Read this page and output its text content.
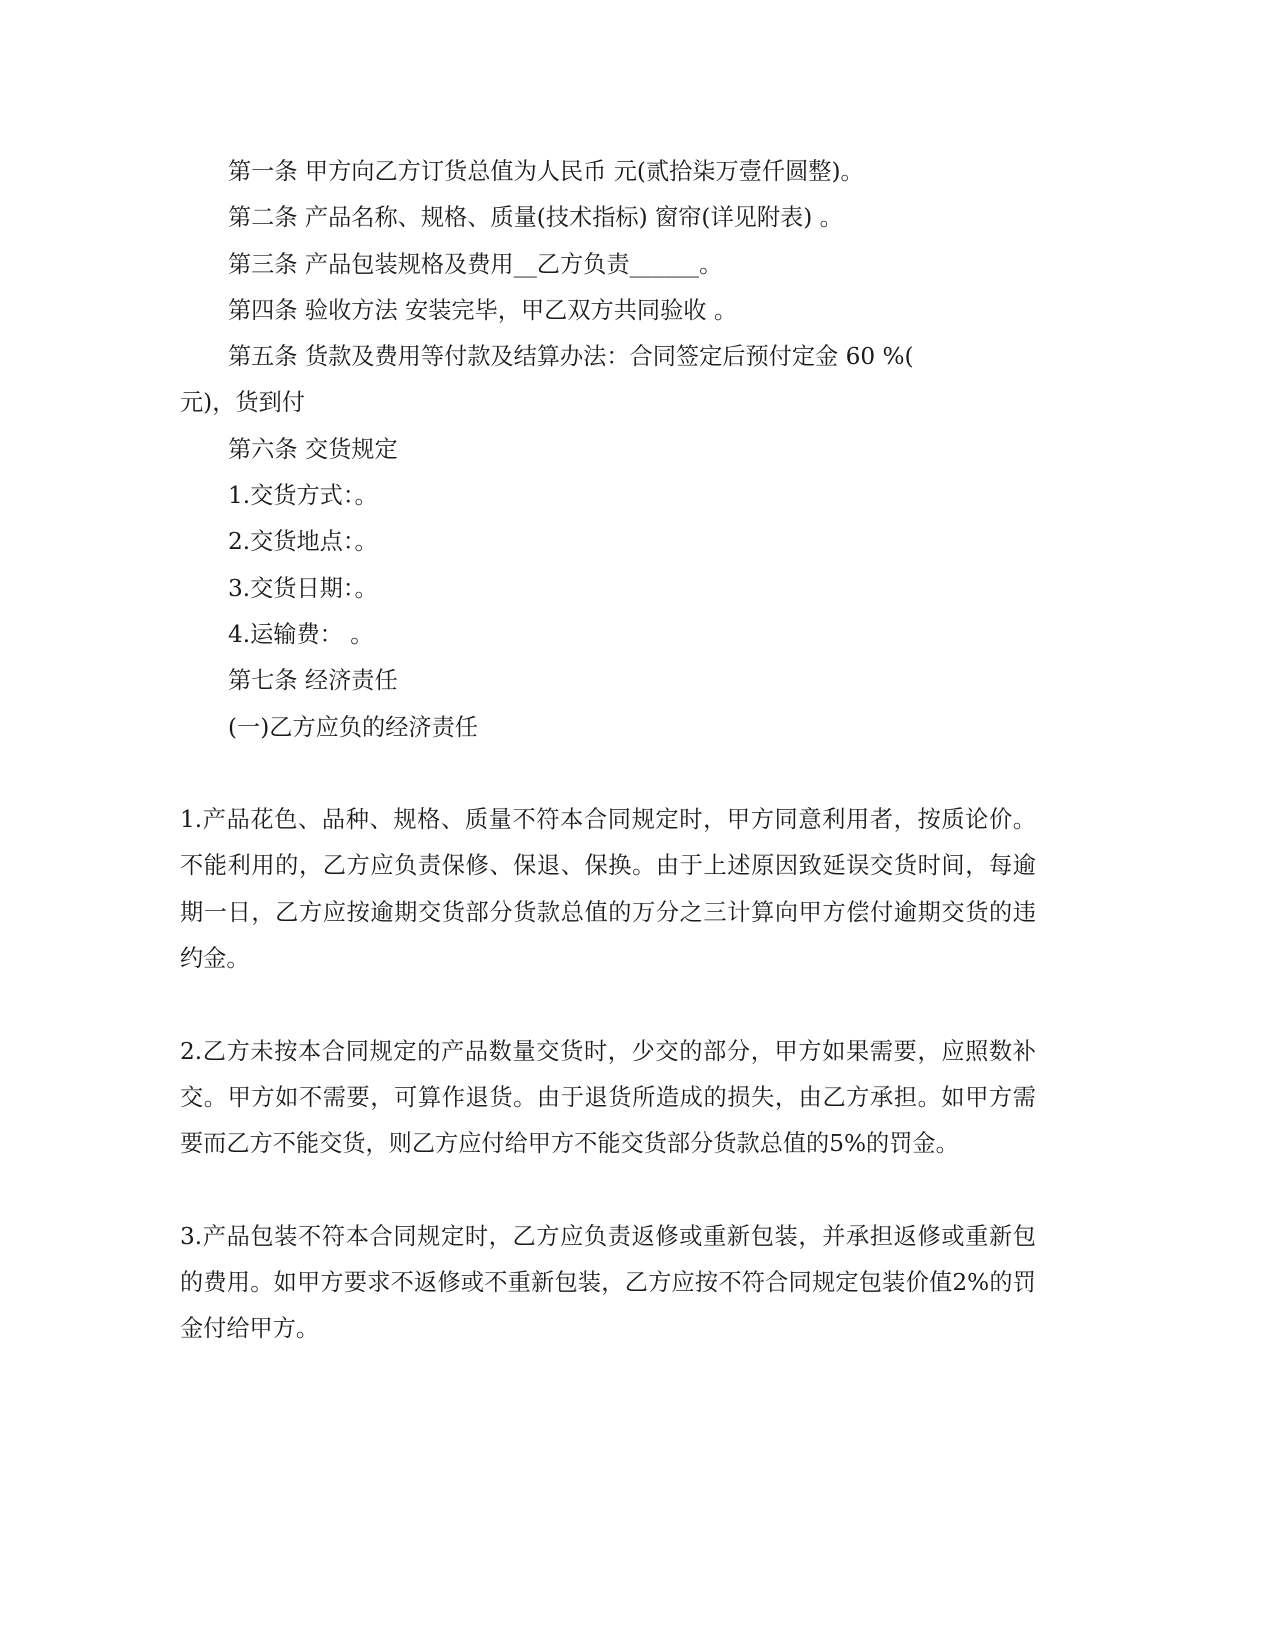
第一条 甲方向乙方订货总值为人民币 元(贰拾柒万壹仟圆整)。
第二条 产品名称、规格、质量(技术指标) 窗帘(详见附表) 。
第三条 产品包装规格及费用__乙方负责______。
第四条 验收方法 安装完毕，甲乙双方共同验收 。
第五条 货款及费用等付款及结算办法：合同签定后预付定金 60 %(
元)，货到付
第六条 交货规定
1.交货方式：。
2.交货地点：。
3.交货日期：。
4.运输费： 。
第七条 经济责任
(一)乙方应负的经济责任
1.产品花色、品种、规格、质量不符本合同规定时，甲方同意利用者，按质论价。
不能利用的，乙方应负责保修、保退、保换。由于上述原因致延误交货时间，每逾
期一日，乙方应按逾期交货部分货款总值的万分之三计算向甲方偿付逾期交货的违
约金。
2.乙方未按本合同规定的产品数量交货时，少交的部分，甲方如果需要，应照数补
交。甲方如不需要，可算作退货。由于退货所造成的损失，由乙方承担。如甲方需
要而乙方不能交货，则乙方应付给甲方不能交货部分货款总值的5%的罚金。
3.产品包装不符本合同规定时，乙方应负责返修或重新包装，并承担返修或重新包
的费用。如甲方要求不返修或不重新包装，乙方应按不符合同规定包装价值2%的罚
金付给甲方。
